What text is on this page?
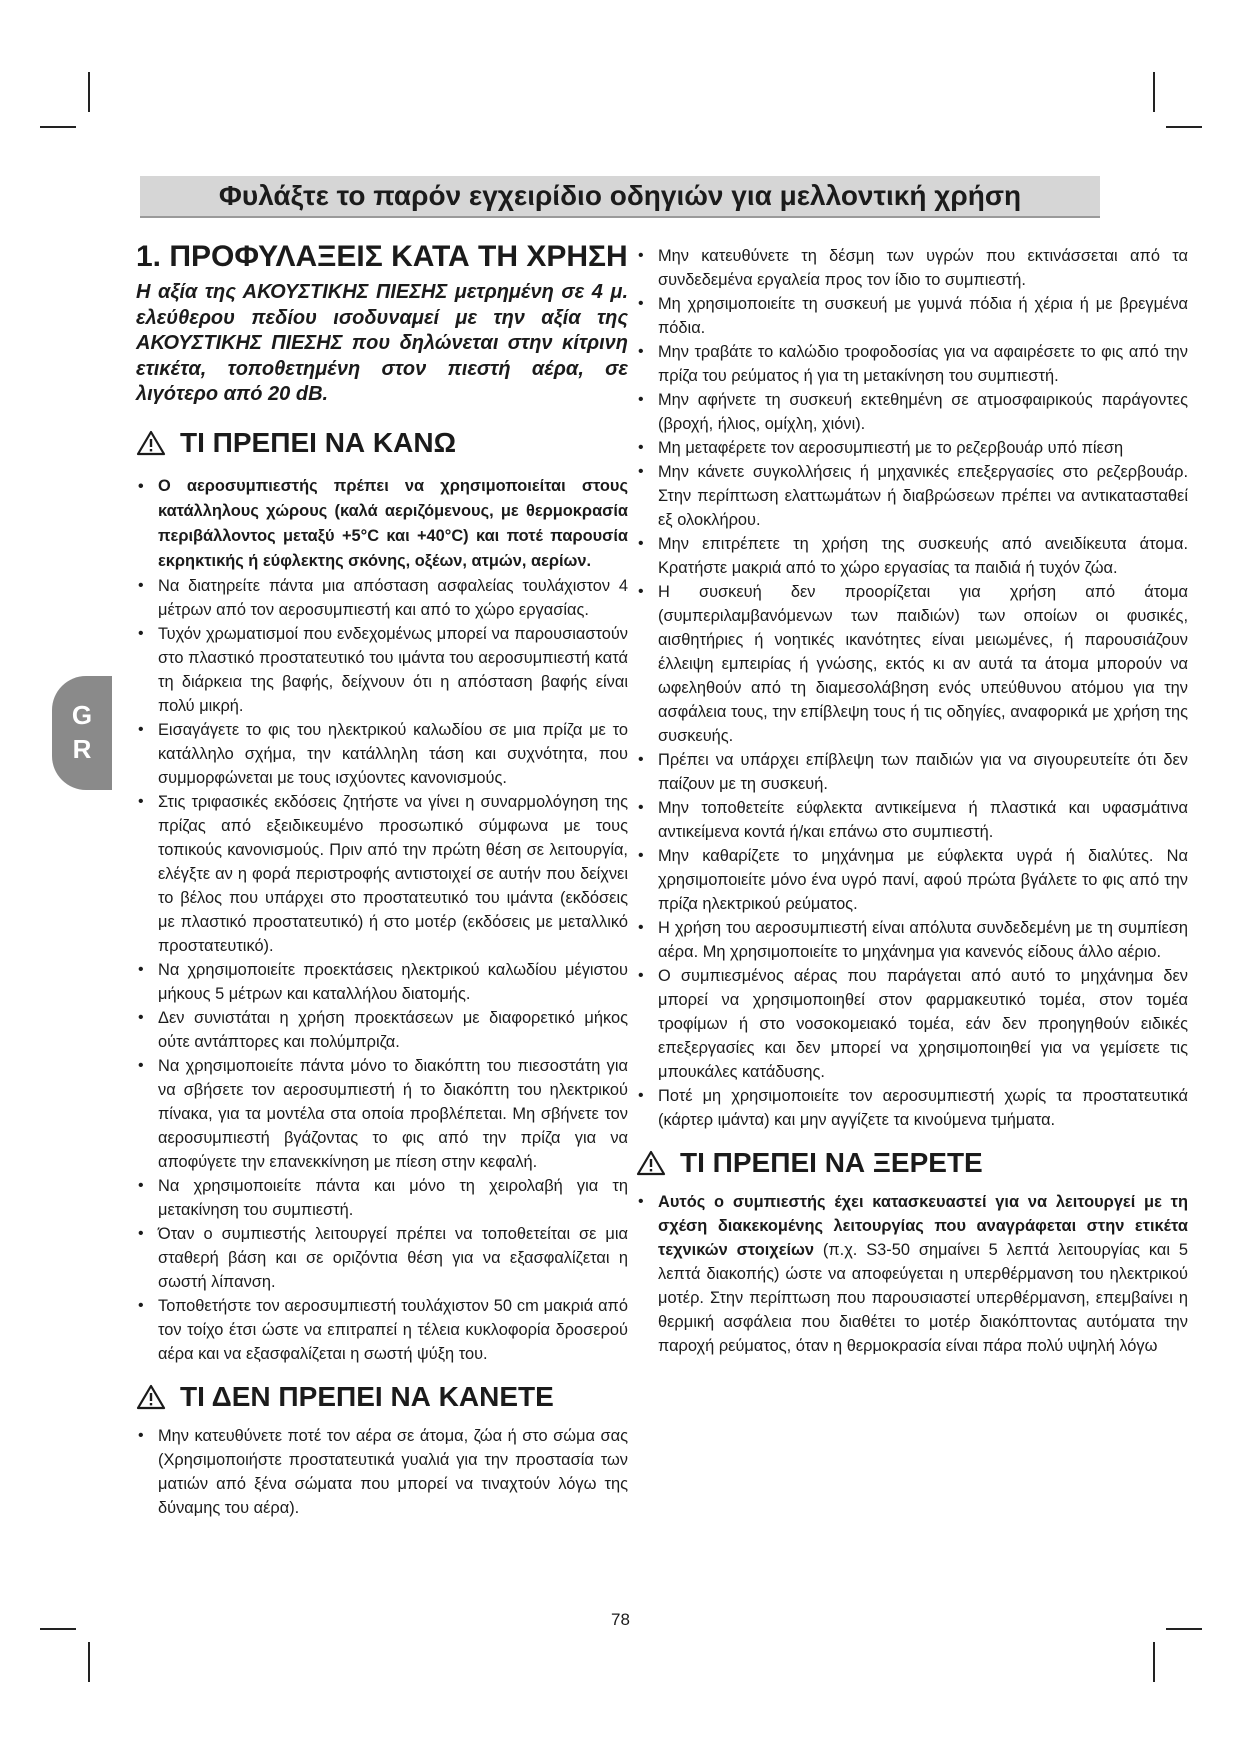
Φυλάξτε το παρόν εγχειρίδιο οδηγιών για μελλοντική χρήση
G
R
1. ΠΡΟΦΥΛΑΞΕΙΣ ΚΑΤΑ ΤΗ ΧΡΗΣΗ

Η αξία της ΑΚΟΥΣΤΙΚΗΣ ΠΙΕΣΗΣ μετρημένη σε 4 μ. ελεύθερου πεδίου ισοδυναμεί με την αξία της ΑΚΟΥΣΤΙΚΗΣ ΠΙΕΣΗΣ που δηλώνεται στην κίτρινη ετικέτα, τοποθετημένη στον πιεστή αέρα, σε λιγότερο από 20 dB.

ΤΙ ΠΡΕΠΕΙ ΝΑ ΚΑΝΩ
• Ο αεροσυμπιεστής πρέπει να χρησιμοποιείται στους κατάλληλους χώρους (καλά αεριζόμενους, με θερμοκρασία περιβάλλοντος μεταξύ +5°C και +40°C) και ποτέ παρουσία εκρηκτικής ή εύφλεκτης σκόνης, οξέων, ατμών, αερίων.
• Να διατηρείτε πάντα μια απόσταση ασφαλείας τουλάχιστον 4 μέτρων από τον αεροσυμπιεστή και από το χώρο εργασίας.
• Τυχόν χρωματισμοί που ενδεχομένως μπορεί να παρουσιαστούν στο πλαστικό προστατευτικό του ιμάντα του αεροσυμπιεστή κατά τη διάρκεια της βαφής, δείχνουν ότι η απόσταση βαφής είναι πολύ μικρή.
• Εισαγάγετε το φις του ηλεκτρικού καλωδίου σε μια πρίζα με το κατάλληλο σχήμα, την κατάλληλη τάση και συχνότητα, που συμμορφώνεται με τους ισχύοντες κανονισμούς.
• Στις τριφασικές εκδόσεις ζητήστε να γίνει η συναρμολόγηση της πρίζας από εξειδικευμένο προσωπικό σύμφωνα με τους τοπικούς κανονισμούς. Πριν από την πρώτη θέση σε λειτουργία, ελέγξτε αν η φορά περιστροφής αντιστοιχεί σε αυτήν που δείχνει το βέλος που υπάρχει στο προστατευτικό του ιμάντα (εκδόσεις με πλαστικό προστατευτικό) ή στο μοτέρ (εκδόσεις με μεταλλικό προστατευτικό).
• Να χρησιμοποιείτε προεκτάσεις ηλεκτρικού καλωδίου μέγιστου μήκους 5 μέτρων και καταλλήλου διατομής.
• Δεν συνιστάται η χρήση προεκτάσεων με διαφορετικό μήκος ούτε αντάπτορες και πολύμπριζα.
• Να χρησιμοποιείτε πάντα μόνο το διακόπτη του πιεσοστάτη για να σβήσετε τον αεροσυμπιεστή ή το διακόπτη του ηλεκτρικού πίνακα, για τα μοντέλα στα οποία προβλέπεται. Μη σβήνετε τον αεροσυμπιεστή βγάζοντας το φις από την πρίζα για να αποφύγετε την επανεκκίνηση με πίεση στην κεφαλή.
• Να χρησιμοποιείτε πάντα και μόνο τη χειρολαβή για τη μετακίνηση του συμπιεστή.
• Όταν ο συμπιεστής λειτουργεί πρέπει να τοποθετείται σε μια σταθερή βάση και σε οριζόντια θέση για να εξασφαλίζεται η σωστή λίπανση.
• Τοποθετήστε τον αεροσυμπιεστή τουλάχιστον 50 cm μακριά από τον τοίχο έτσι ώστε να επιτραπεί η τέλεια κυκλοφορία δροσερού αέρα και να εξασφαλίζεται η σωστή ψύξη του.
ΤΙ ΔΕΝ ΠΡΕΠΕΙ ΝΑ ΚΑΝΕΤΕ
• Μην κατευθύνετε ποτέ τον αέρα σε άτομα, ζώα ή στο σώμα σας (Χρησιμοποιήστε προστατευτικά γυαλιά για την προστασία των ματιών από ξένα σώματα που μπορεί να τιναχτούν λόγω της δύναμης του αέρα).
• Μην κατευθύνετε τη δέσμη των υγρών που εκτινάσσεται από τα συνδεδεμένα εργαλεία προς τον ίδιο το συμπιεστή.
• Μη χρησιμοποιείτε τη συσκευή με γυμνά πόδια ή χέρια ή με βρεγμένα πόδια.
• Μην τραβάτε το καλώδιο τροφοδοσίας για να αφαιρέσετε το φις από την πρίζα του ρεύματος ή για τη μετακίνηση του συμπιεστή.
• Μην αφήνετε τη συσκευή εκτεθημένη σε ατμοσφαιρικούς παράγοντες (βροχή, ήλιος, ομίχλη, χιόνι).
• Μη μεταφέρετε τον αεροσυμπιεστή με το ρεζερβουάρ υπό πίεση
• Μην κάνετε συγκολλήσεις ή μηχανικές επεξεργασίες στο ρεζερβουάρ. Στην περίπτωση ελαττωμάτων ή διαβρώσεων πρέπει να αντικατασταθεί εξ ολοκλήρου.
• Μην επιτρέπετε τη χρήση της συσκευής από ανειδίκευτα άτομα. Κρατήστε μακριά από το χώρο εργασίας τα παιδιά ή τυχόν ζώα.
• Η συσκευή δεν προορίζεται για χρήση από άτομα (συμπεριλαμβανόμενων των παιδιών) των οποίων οι φυσικές, αισθητήριες ή νοητικές ικανότητες είναι μειωμένες, ή παρουσιάζουν έλλειψη εμπειρίας ή γνώσης, εκτός κι αν αυτά τα άτομα μπορούν να ωφεληθούν από τη διαμεσολάβηση ενός υπεύθυνου ατόμου για την ασφάλεια τους, την επίβλεψη τους ή τις οδηγίες, αναφορικά με χρήση της συσκευής.
• Πρέπει να υπάρχει επίβλεψη των παιδιών για να σιγουρευτείτε ότι δεν παίζουν με τη συσκευή.
• Μην τοποθετείτε εύφλεκτα αντικείμενα ή πλαστικά και υφασμάτινα αντικείμενα κοντά ή/και επάνω στο συμπιεστή.
• Μην καθαρίζετε το μηχάνημα με εύφλεκτα υγρά ή διαλύτες. Να χρησιμοποιείτε μόνο ένα υγρό πανί, αφού πρώτα βγάλετε το φις από την πρίζα ηλεκτρικού ρεύματος.
• Η χρήση του αεροσυμπιεστή είναι απόλυτα συνδεδεμένη με τη συμπίεση αέρα. Μη χρησιμοποιείτε το μηχάνημα για κανενός είδους άλλο αέριο.
• Ο συμπιεσμένος αέρας που παράγεται από αυτό το μηχάνημα δεν μπορεί να χρησιμοποιηθεί στον φαρμακευτικό τομέα, στον τομέα τροφίμων ή στο νοσοκομειακό τομέα, εάν δεν προηγηθούν ειδικές επεξεργασίες και δεν μπορεί να χρησιμοποιηθεί για να γεμίσετε τις μπουκάλες κατάδυσης.
• Ποτέ μη χρησιμοποιείτε τον αεροσυμπιεστή χωρίς τα προστατευτικά (κάρτερ ιμάντα) και μην αγγίζετε τα κινούμενα τμήματα.
ΤΙ ΠΡΕΠΕΙ ΝΑ ΞΕΡΕΤΕ
• Αυτός ο συμπιεστής έχει κατασκευαστεί για να λειτουργεί με τη σχέση διακεκομένης λειτουργίας που αναγράφεται στην ετικέτα τεχνικών στοιχείων (π.χ. S3-50 σημαίνει 5 λεπτά λειτουργίας και 5 λεπτά διακοπής) ώστε να αποφεύγεται η υπερθέρμανση του ηλεκτρικού μοτέρ. Στην περίπτωση που παρουσιαστεί υπερθέρμανση, επεμβαίνει η θερμική ασφάλεια που διαθέτει το μοτέρ διακόπτοντας αυτόματα την παροχή ρεύματος, όταν η θερμοκρασία είναι πάρα πολύ υψηλή λόγω
78
